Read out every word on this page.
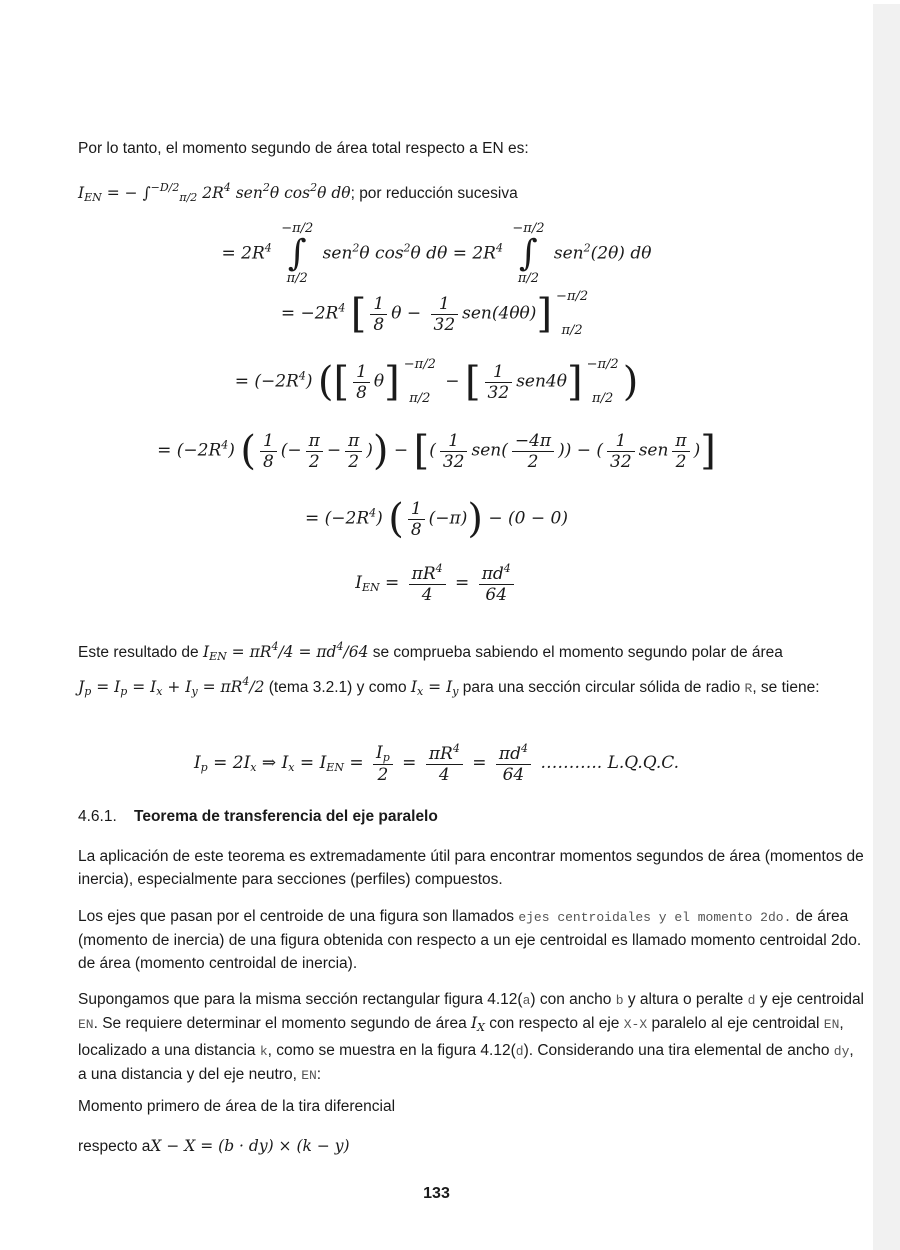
Por lo tanto, el momento segundo de área total respecto a EN es:
$I_{EN}$ = − ∫$^{-D/2}_{\pi/2}$ $2R^4$ sen$^2$θ $\cos^2\theta$ dθ; por reducción sucesiva
= $2R^4 -\pi/2$
∫
π/2 sen$^2$θ $\cos^2\theta$ $d\theta = 2R^4 -\pi/2$
∫
π/2 sen$^2$(2θ) dθ
= $-2R^4$ [ $\frac{1}{8}$ $\theta - \frac{1}{32} sen(4\theta\theta)] -\pi/2$
π/2
= $(-2R^4)$ ([ $\frac{1}{8} \theta] -\pi/2$
π/2 − [ $\frac{1}{32} sen4\theta] -\pi/2$
π/2 )
= $(-2R^4)$ ( $\frac{1}{8}$ (− $\frac{\pi}{2} - \frac{\pi}{2}$ )) − [( $\frac{1}{32} sen( \frac{-4\pi}{2}$ )) − ( $\frac{1}{32}$ sen $\frac{\pi}{2}$ )]
= $(-2R^4)$ ( $\frac{1}{8} (-\pi)) - (0 - 0)$
$I_{EN} = \frac{\pi R^4}{4} = \frac{\pi d^4}{64}$
Este resultado de $I_{EN} = \pi R^4/4 = \pi d^4/64$ se comprueba sabiendo el momento segundo polar de área
$J_p = I_p = I_x + I_y = \pi R^4/2$ (tema 3.2.1) y como $I_x = I_y$ para una sección circular sólida de radio R, se tiene:
$I_p = 2I_x$ ⇒ $I_x = I_{EN} = \frac{I_p}{2} = \frac{\pi R^4}{4} = \frac{\pi d^4}{64}$ ……….. L.Q.Q.C.
4.6.1. Teorema de transferencia del eje paralelo
La aplicación de este teorema es extremadamente útil para encontrar momentos segundos de área (momentos de inercia), especialmente para secciones (perfiles) compuestos.
Los ejes que pasan por el centroide de una figura son llamados ejes centroidales y el momento 2do. de área (momento de inercia) de una figura obtenida con respecto a un eje centroidal es llamado momento centroidal 2do. de área (momento centroidal de inercia).
Supongamos que para la misma sección rectangular figura 4.12(a) con ancho b y altura o peralte d y eje centroidal EN. Se requiere determinar el momento segundo de área $I_X$ con respecto al eje X-X paralelo al eje centroidal EN, localizado a una distancia k, como se muestra en la figura 4.12(d). Considerando una tira elemental de ancho dy, a una distancia y del eje neutro, EN:
Momento primero de área de la tira diferencial
respecto aX − X = (b · dy) × (k − y)
133
